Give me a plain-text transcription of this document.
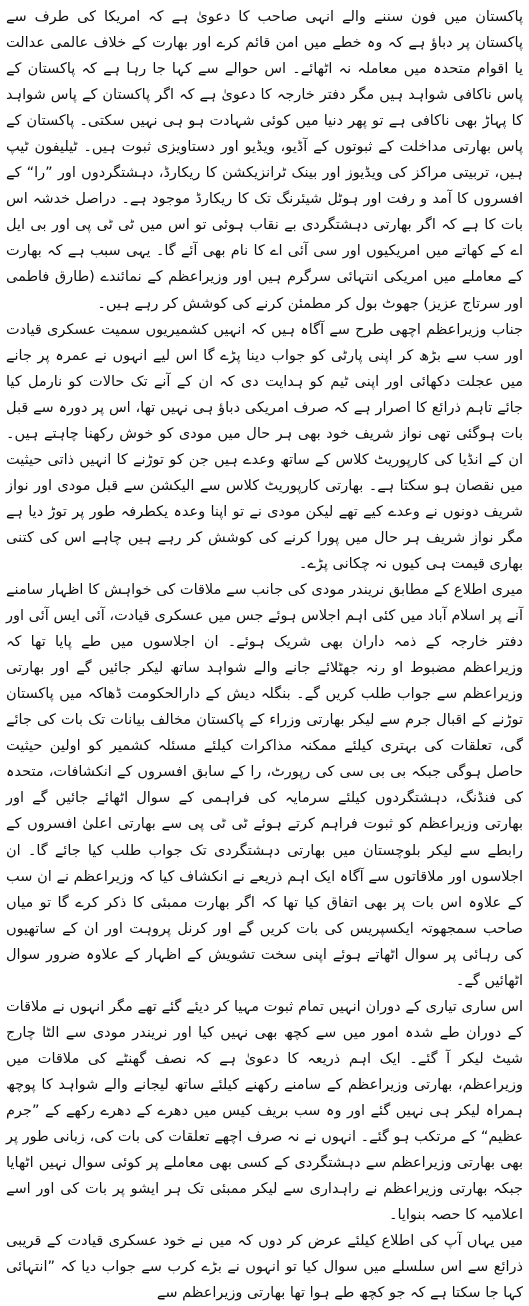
پاکستان میں فون سننے والے انہی صاحب کا دعویٰ ہے کہ امریکا کی طرف سے پاکستان پر دباؤ ہے کہ وہ خطے میں امن قائم کرے اور بھارت کے خلاف عالمی عدالت یا اقوام متحدہ میں معاملہ نہ اٹھائے۔ اس حوالے سے کہا جا رہا ہے کہ پاکستان کے پاس ناکافی شواہد ہیں مگر دفتر خارجہ کا دعویٰ ہے کہ اگر پاکستان کے پاس شواہد کا پہاڑ بھی ناکافی ہے تو پھر دنیا میں کوئی شہادت ہو ہی نہیں سکتی۔ پاکستان کے پاس بھارتی مداخلت کے ثبوتوں کے آڈیو، ویڈیو اور دستاویزی ثبوت ہیں۔ ٹیلیفون ٹیپ ہیں، تربیتی مراکز کی ویڈیوز اور بینک ٹرانزیکشن کا ریکارڈ، دہشتگردوں اور ”را“ کے افسروں کا آمد و رفت اور ہوٹل شیئرنگ تک کا ریکارڈ موجود ہے۔ دراصل خدشہ اس بات کا ہے کہ اگر بھارتی دہشتگردی بے نقاب ہوئی تو اس میں ٹی ٹی پی اور بی ایل اے کے کھاتے میں امریکیوں اور سی آئی اے کا نام بھی آئے گا۔ یہی سبب ہے کہ بھارت کے معاملے میں امریکی انتہائی سرگرم ہیں اور وزیراعظم کے نمائندے (طارق فاطمی اور سرتاج عزیز) جھوٹ بول کر مطمئن کرنے کی کوشش کر رہے ہیں۔

جناب وزیراعظم اچھی طرح سے آگاہ ہیں کہ انہیں کشمیریوں سمیت عسکری قیادت اور سب سے بڑھ کر اپنی پارٹی کو جواب دینا پڑے گا اس لیے انہوں نے عمرہ پر جانے میں عجلت دکھائی اور اپنی ٹیم کو ہدایت دی کہ ان کے آنے تک حالات کو نارمل کیا جائے تاہم ذرائع کا اصرار ہے کہ صرف امریکی دباؤ ہی نہیں تھا، اس پر دورہ سے قبل بات ہوگئی تھی نواز شریف خود بھی ہر حال میں مودی کو خوش رکھنا چاہتے ہیں۔ ان کے انڈیا کی کارپوریٹ کلاس کے ساتھ وعدے ہیں جن کو توڑنے کا انہیں ذاتی حیثیت میں نقصان ہو سکتا ہے۔ بھارتی کارپوریٹ کلاس سے الیکشن سے قبل مودی اور نواز شریف دونوں نے وعدے کیے تھے لیکن مودی نے تو اپنا وعدہ یکطرفہ طور پر توڑ دیا ہے مگر نواز شریف ہر حال میں پورا کرنے کی کوشش کر رہے ہیں چاہے اس کی کتنی بھاری قیمت ہی کیوں نہ چکانی پڑے۔

میری اطلاع کے مطابق نریندر مودی کی جانب سے ملاقات کی خواہش کا اظہار سامنے آنے پر اسلام آباد میں کئی اہم اجلاس ہوئے جس میں عسکری قیادت، آئی ایس آئی اور دفتر خارجہ کے ذمہ داران بھی شریک ہوئے۔ ان اجلاسوں میں طے پایا تھا کہ وزیراعظم مضبوط او رنہ جھٹلائے جانے والے شواہد ساتھ لیکر جائیں گے اور بھارتی وزیراعظم سے جواب طلب کریں گے۔ بنگلہ دیش کے دارالحکومت ڈھاکہ میں پاکستان توڑنے کے اقبال جرم سے لیکر بھارتی وزراء کے پاکستان مخالف بیانات تک بات کی جائے گی، تعلقات کی بہتری کیلئے ممکنہ مذاکرات کیلئے مسئلہ کشمیر کو اولین حیثیت حاصل ہوگی جبکہ بی بی سی کی رپورٹ، را کے سابق افسروں کے انکشافات، متحدہ کی فنڈنگ، دہشتگردوں کیلئے سرمایہ کی فراہمی کے سوال اٹھائے جائیں گے اور بھارتی وزیراعظم کو ثبوت فراہم کرتے ہوئے ٹی ٹی پی سے بھارتی اعلیٰ افسروں کے رابطے سے لیکر بلوچستان میں بھارتی دہشتگردی تک جواب طلب کیا جائے گا۔ ان اجلاسوں اور ملاقاتوں سے آگاہ ایک اہم ذریعے نے انکشاف کیا کہ وزیراعظم نے ان سب کے علاوہ اس بات پر بھی اتفاق کیا تھا کہ اگر بھارت ممبئی کا ذکر کرے گا تو میاں صاحب سمجھوتہ ایکسپریس کی بات کریں گے اور کرنل پروہت اور ان کے ساتھیوں کی رہائی پر سوال اٹھاتے ہوئے اپنی سخت تشویش کے اظہار کے علاوہ ضرور سوال اٹھائیں گے۔

اس ساری تیاری کے دوران انہیں تمام ثبوت مہیا کر دیئے گئے تھے مگر انہوں نے ملاقات کے دوران طے شدہ امور میں سے کچھ بھی نہیں کیا اور نریندر مودی سے الٹا چارج شیٹ لیکر آ گئے۔ ایک اہم ذریعہ کا دعویٰ ہے کہ نصف گھنٹے کی ملاقات میں وزیراعظم، بھارتی وزیراعظم کے سامنے رکھنے کیلئے ساتھ لیجانے والے شواہد کا پوچھ ہمراہ لیکر ہی نہیں گئے اور وہ سب بریف کیس میں دھرے کے دھرے رکھے کے ”جرم عظیم“ کے مرتکب ہو گئے۔ انہوں نے نہ صرف اچھے تعلقات کی بات کی، زبانی طور پر بھی بھارتی وزیراعظم سے دہشتگردی کے کسی بھی معاملے پر کوئی سوال نہیں اٹھایا جبکہ بھارتی وزیراعظم نے راہداری سے لیکر ممبئی تک ہر ایشو پر بات کی اور اسے اعلامیہ کا حصہ بنوایا۔

میں یہاں آپ کی اطلاع کیلئے عرض کر دوں کہ میں نے خود عسکری قیادت کے قریبی ذرائع سے اس سلسلے میں سوال کیا تو انہوں نے بڑے کرب سے جواب دیا کہ ”انتہائی کہا جا سکتا ہے کہ جو کچھ طے ہوا تھا بھارتی وزیراعظم سے
